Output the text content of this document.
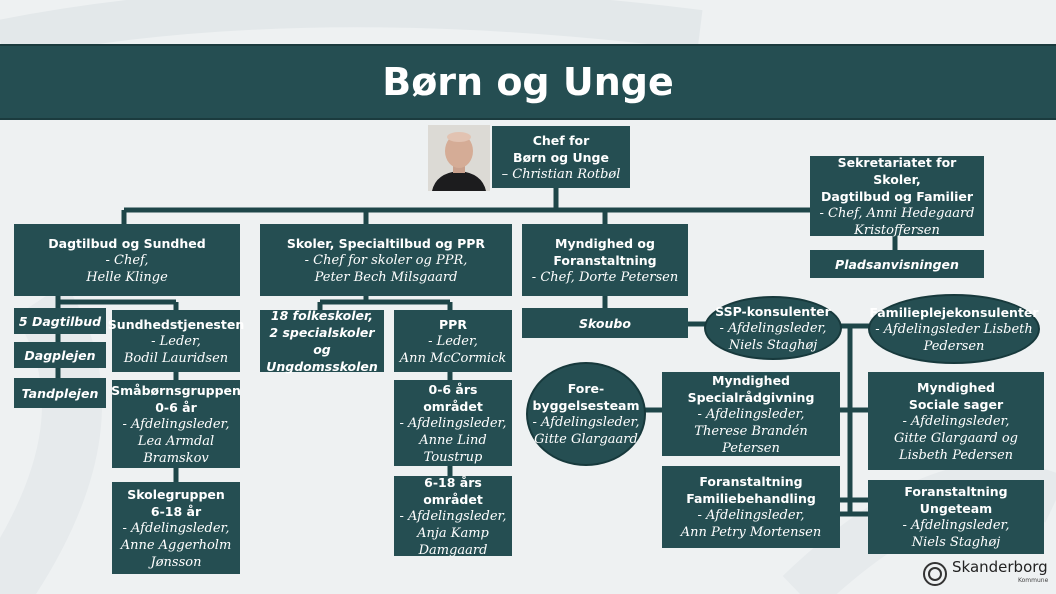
Børn og Unge
Chef for
Børn og Unge
– Christian Rotbøl
Sekretariatet for Skoler,
Dagtilbud og Familier
- Chef, Anni Hedegaard
Kristoffersen
Pladsanvisningen
Dagtilbud og Sundhed
- Chef,
Helle Klinge
Skoler, Specialtilbud og PPR
- Chef for skoler og PPR,
Peter Bech Milsgaard
Myndighed og
Foranstaltning
- Chef, Dorte Petersen
5 Dagtilbud
Dagplejen
Tandplejen
Sundhedstjenesten
- Leder,
Bodil Lauridsen
Småbørnsgruppen
0-6 år
- Afdelingsleder,
Lea Armdal
Bramskov
Skolegruppen
6-18 år
- Afdelingsleder,
Anne Aggerholm
Jønsson
18 folkeskoler,
2 specialskoler og
Ungdomsskolen
PPR
- Leder,
Ann McCormick
0-6 års området
- Afdelingsleder,
Anne Lind
Toustrup
6-18 års området
- Afdelingsleder,
Anja Kamp
Damgaard
Skoubo
SSP-konsulenter
- Afdelingsleder,
Niels Staghøj
Familieplejekonsulenter
- Afdelingsleder Lisbeth
Pedersen
Fore-
byggelsesteam
- Afdelingsleder,
Gitte Glargaard
Myndighed
Specialrådgivning
- Afdelingsleder,
Therese Brandén Petersen
Myndighed
Sociale sager
- Afdelingsleder,
Gitte Glargaard og
Lisbeth Pedersen
Foranstaltning
Familiebehandling
- Afdelingsleder,
Ann Petry Mortensen
Foranstaltning
Ungeteam
- Afdelingsleder,
Niels Staghøj
Skanderborg
Kommune
